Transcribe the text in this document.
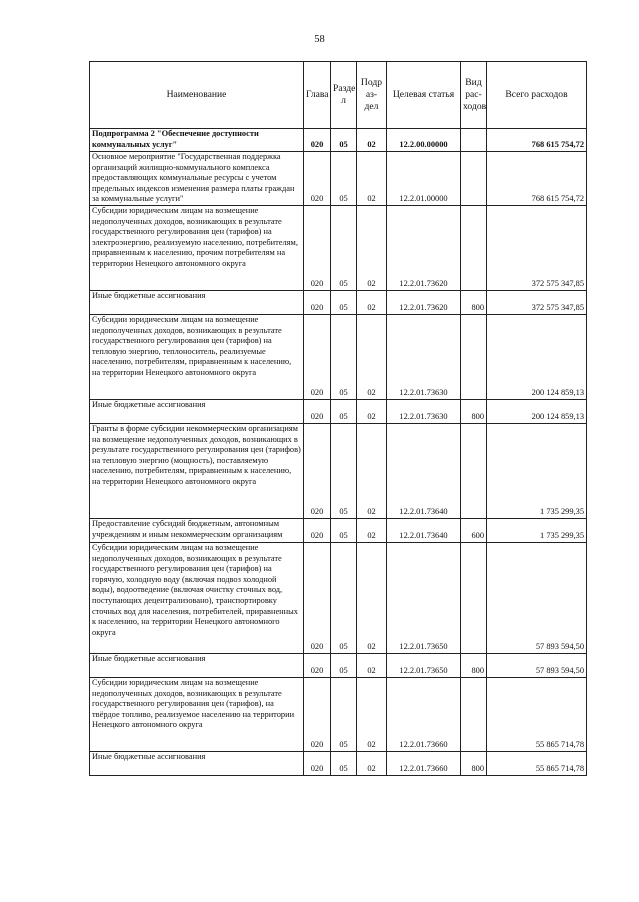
58
Наименование	Глава	Разде л	Подр аз- дел	Целевая статья	Вид рас- ходов	Всего расходов
Подпрограмма 2 "Обеспечение доступности коммунальных услуг"	020	05	02	12.2.00.00000		768 615 754,72
Основное мероприятие "Государственная поддержка организаций жилищно-коммунального комплекса предоставляющих коммунальные ресурсы с учетом предельных индексов изменения размера платы граждан за коммунальные услуги"	020	05	02	12.2.01.00000		768 615 754,72
Субсидии юридическим лицам на возмещение недополученных доходов, возникающих в результате государственного регулирования цен (тарифов) на электроэнергию, реализуемую населению, потребителям, приравненным к населению, прочим потребителям на территории Ненецкого автономного округа	020	05	02	12.2.01.73620		372 575 347,85
Иные бюджетные ассигнования	020	05	02	12.2.01.73620	800	372 575 347,85
Субсидии юридическим лицам на возмещение недополученных доходов, возникающих в результате государственного регулирования цен (тарифов) на тепловую энергию, теплоноситель, реализуемые населению, потребителям, приравненным к населению, на территории Ненецкого автономного округа	020	05	02	12.2.01.73630		200 124 859,13
Иные бюджетные ассигнования	020	05	02	12.2.01.73630	800	200 124 859,13
Гранты в форме субсидии некоммерческим организациям на возмещение недополученных доходов, возникающих в результате государственного регулирования цен (тарифов) на тепловую энергию (мощность), поставляемую населению, потребителям, приравненным к населению, на территории Ненецкого автономного округа	020	05	02	12.2.01.73640		1 735 299,35
Предоставление субсидий бюджетным, автономным учреждениям и иным некоммерческим организациям	020	05	02	12.2.01.73640	600	1 735 299,35
Субсидии юридическим лицам на возмещение недополученных доходов, возникающих в результате государственного регулирования цен (тарифов) на горячую, холодную воду (включая подвоз холодной воды), водоотведение (включая очистку сточных вод, поступающих децентрализовано), транспортировку сточных вод для населения, потребителей, приравненных к населению, на территории Ненецкого автономного округа	020	05	02	12.2.01.73650		57 893 594,50
Иные бюджетные ассигнования	020	05	02	12.2.01.73650	800	57 893 594,50
Субсидии юридическим лицам на возмещение недополученных доходов, возникающих в результате государственного регулирования цен (тарифов), на твёрдое топливо, реализуемое населению на территории Ненецкого автономного округа	020	05	02	12.2.01.73660		55 865 714,78
Иные бюджетные ассигнования	020	05	02	12.2.01.73660	800	55 865 714,78
